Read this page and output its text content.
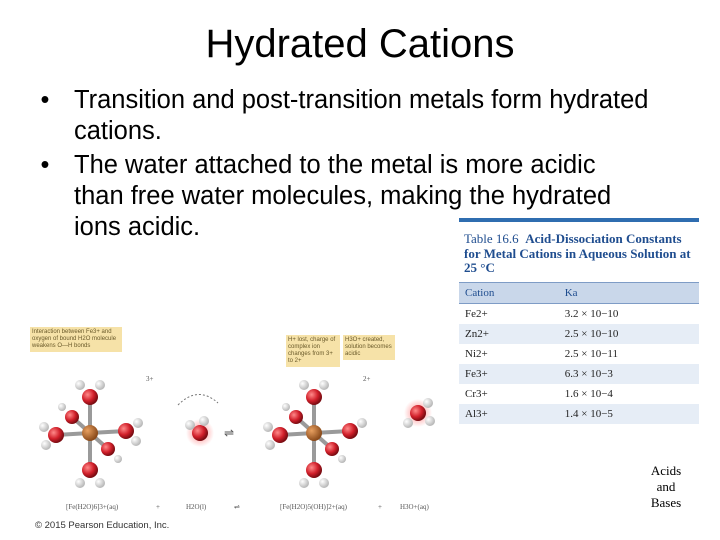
Hydrated Cations
• Transition and post-transition metals form hydrated cations.
• The water attached to the metal is more acidic than free water molecules, making the hydrated ions acidic.	Table 16.6 Acid-Dissociation Constants for Metal Cations in Aqueous Solution at 25 °C
Cation	Ka
Fe2+	3.2 × 10−10
Zn2+	2.5 × 10−10
Ni2+	2.5 × 10−11
Fe3+	6.3 × 10−3
Cr3+	1.6 × 10−4
Al3+	1.4 × 10−5
Interaction between Fe3+ and oxygen of bound H2O molecule weakens O—H bonds
H+ lost, charge of complex ion changes from 3+ to 2+
H3O+ created, solution becomes acidic
3+	2+
⇌
[Fe(H2O)6]3+(aq)	+	H2O(l)	⇌	[Fe(H2O)5(OH)]2+(aq)	+	H3O+(aq)
Acids
and
Bases
© 2015 Pearson Education, Inc.
